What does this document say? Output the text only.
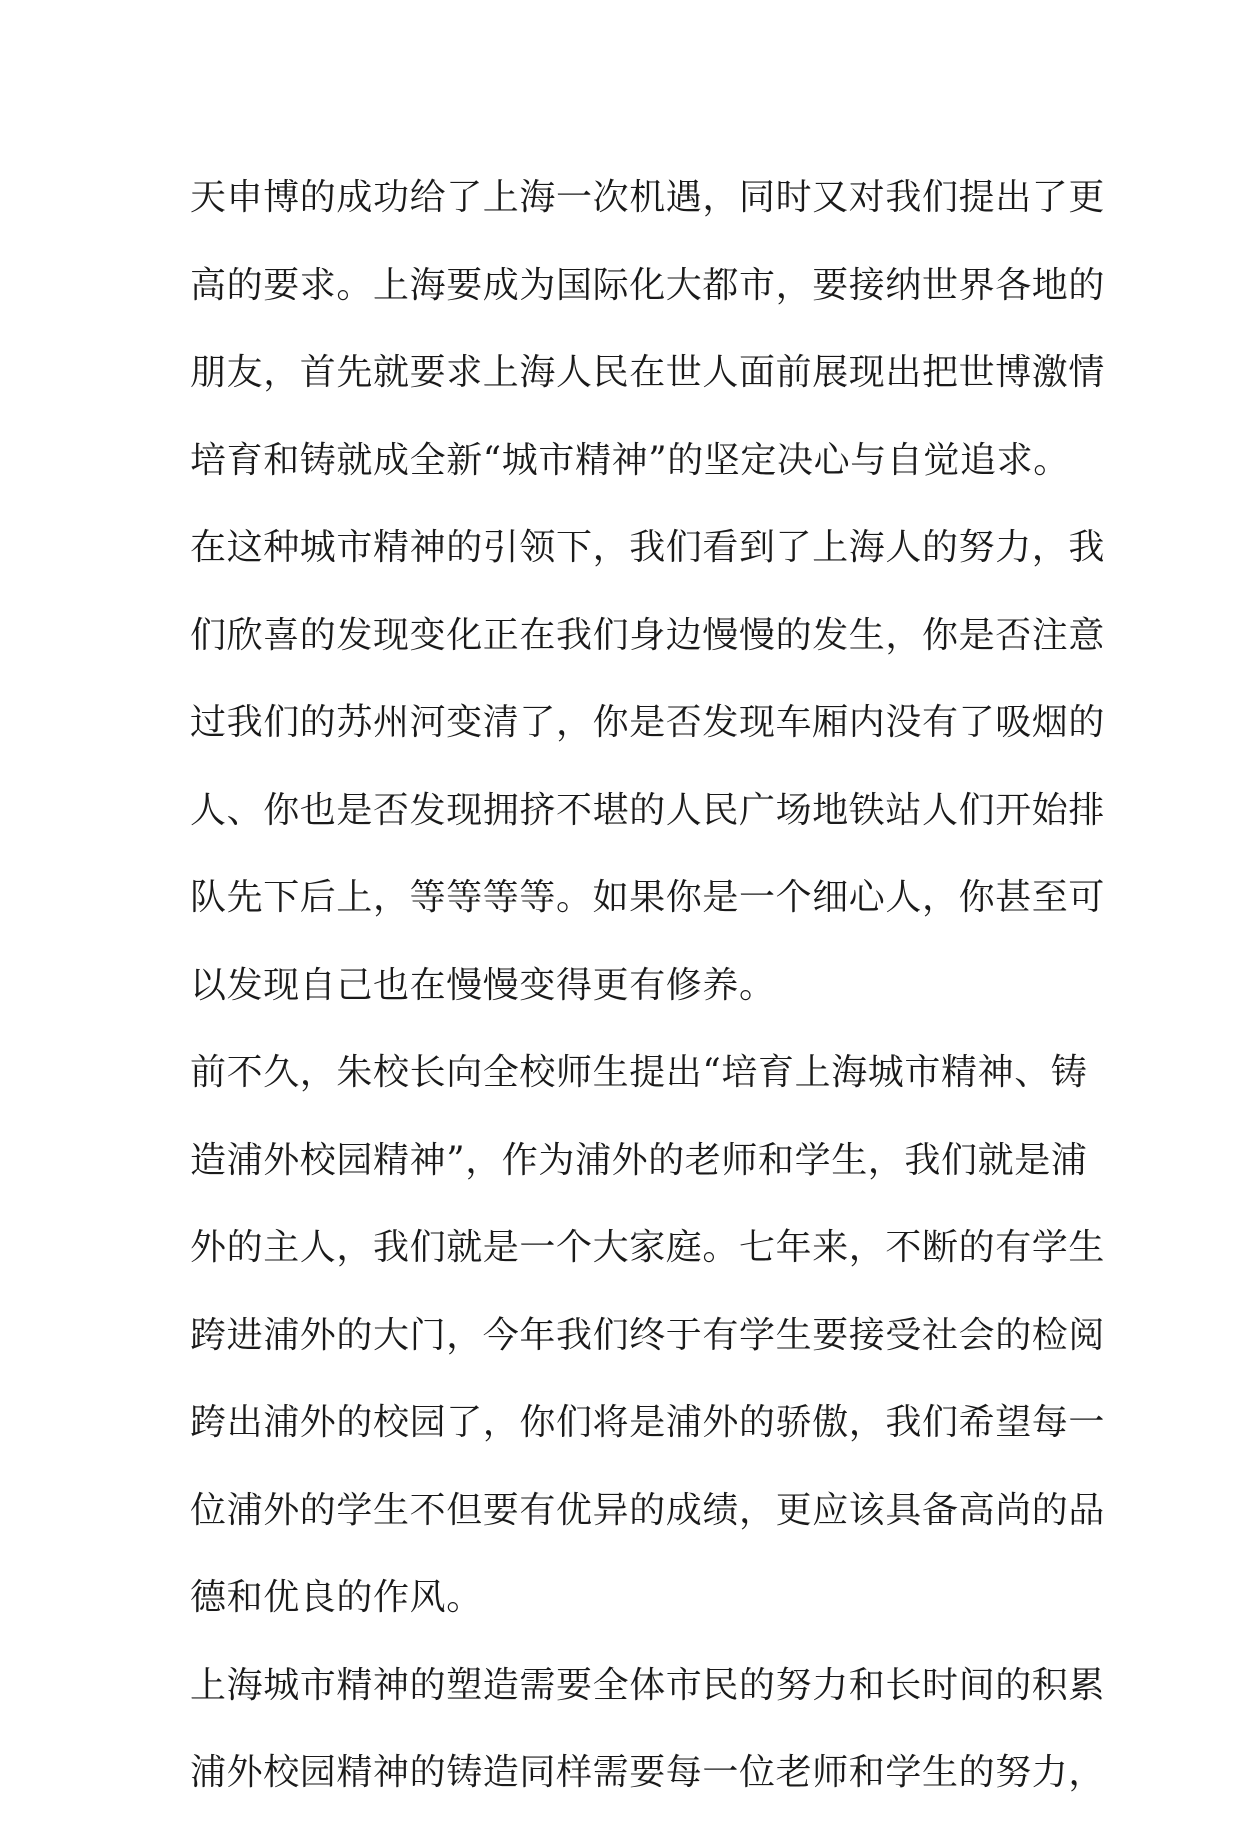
天申博的成功给了上海一次机遇，同时又对我们提出了更
高的要求。上海要成为国际化大都市，要接纳世界各地的
朋友，首先就要求上海人民在世人面前展现出把世博激情
培育和铸就成全新“城市精神”的坚定决心与自觉追求。
在这种城市精神的引领下，我们看到了上海人的努力，我
们欣喜的发现变化正在我们身边慢慢的发生，你是否注意
过我们的苏州河变清了，你是否发现车厢内没有了吸烟的
人、你也是否发现拥挤不堪的人民广场地铁站人们开始排
队先下后上，等等等等。如果你是一个细心人，你甚至可
以发现自己也在慢慢变得更有修养。
前不久，朱校长向全校师生提出“培育上海城市精神、铸
造浦外校园精神”，作为浦外的老师和学生，我们就是浦
外的主人，我们就是一个大家庭。七年来，不断的有学生
跨进浦外的大门，今年我们终于有学生要接受社会的检阅
跨出浦外的校园了，你们将是浦外的骄傲，我们希望每一
位浦外的学生不但要有优异的成绩，更应该具备高尚的品
德和优良的作风。
上海城市精神的塑造需要全体市民的努力和长时间的积累
浦外校园精神的铸造同样需要每一位老师和学生的努力，
